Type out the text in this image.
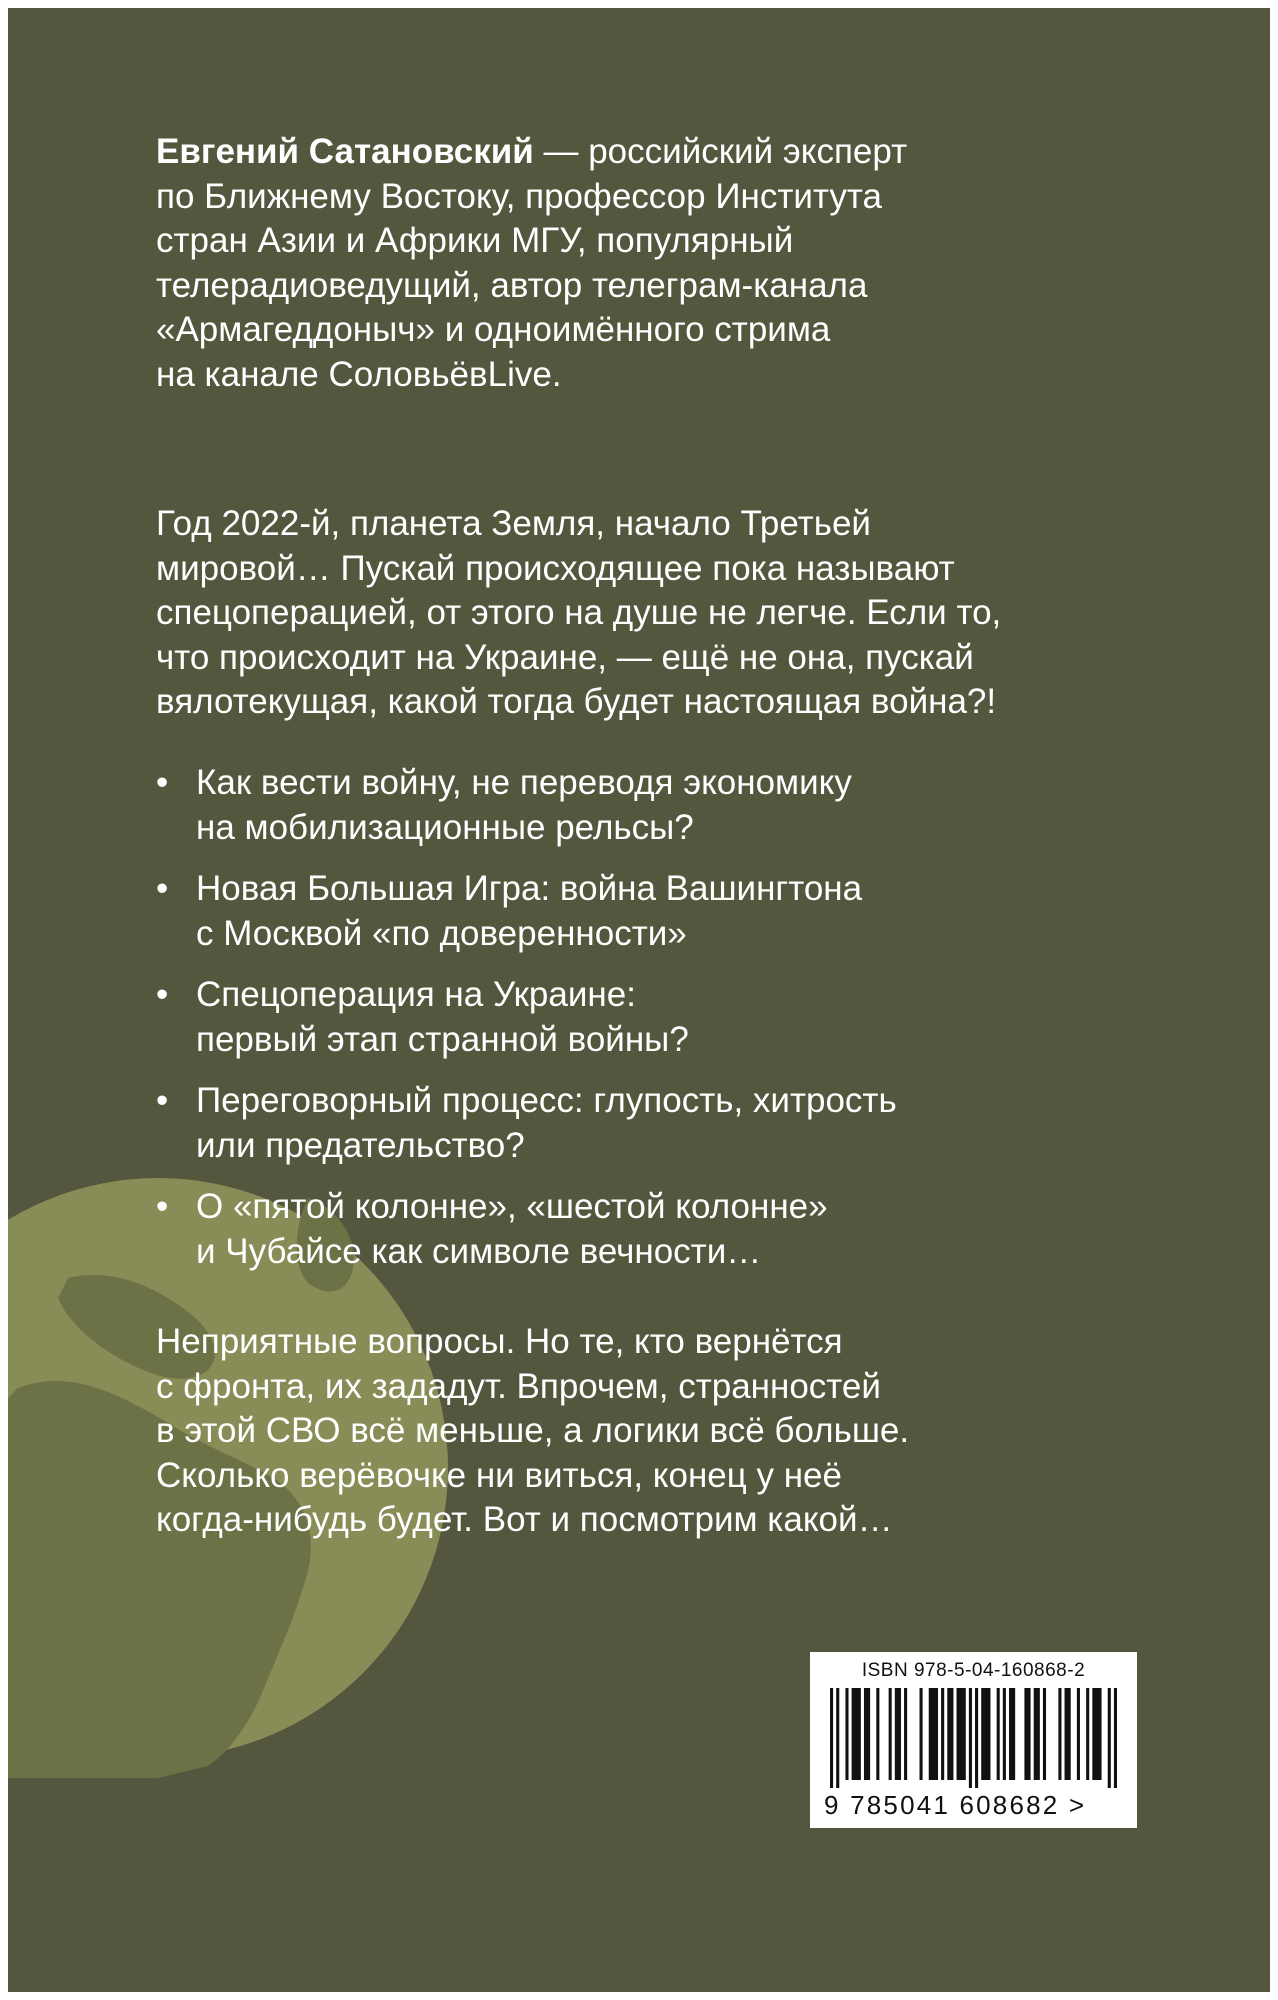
Евгений Сатановский — российский эксперт
по Ближнему Востоку, профессор Института
стран Азии и Африки МГУ, популярный
телерадиоведущий, автор телеграм-канала
«Армагеддоныч» и одноимённого стрима
на канале СоловьёвLive.
Год 2022-й, планета Земля, начало Третьей
мировой… Пускай происходящее пока называют
спецоперацией, от этого на душе не легче. Если то,
что происходит на Украине, — ещё не она, пускай
вялотекущая, какой тогда будет настоящая война?!
• Как вести войну, не переводя экономику
на мобилизационные рельсы?
• Новая Большая Игра: война Вашингтона
с Москвой «по доверенности»
• Спецоперация на Украине:
первый этап странной войны?
• Переговорный процесс: глупость, хитрость
или предательство?
• О «пятой колонне», «шестой колонне»
и Чубайсе как символе вечности…
Неприятные вопросы. Но те, кто вернётся
с фронта, их зададут. Впрочем, странностей
в этой СВО всё меньше, а логики всё больше.
Сколько верёвочке ни виться, конец у неё
когда-нибудь будет. Вот и посмотрим какой…
ISBN 978-5-04-160868-2
9 785041 608682 >
